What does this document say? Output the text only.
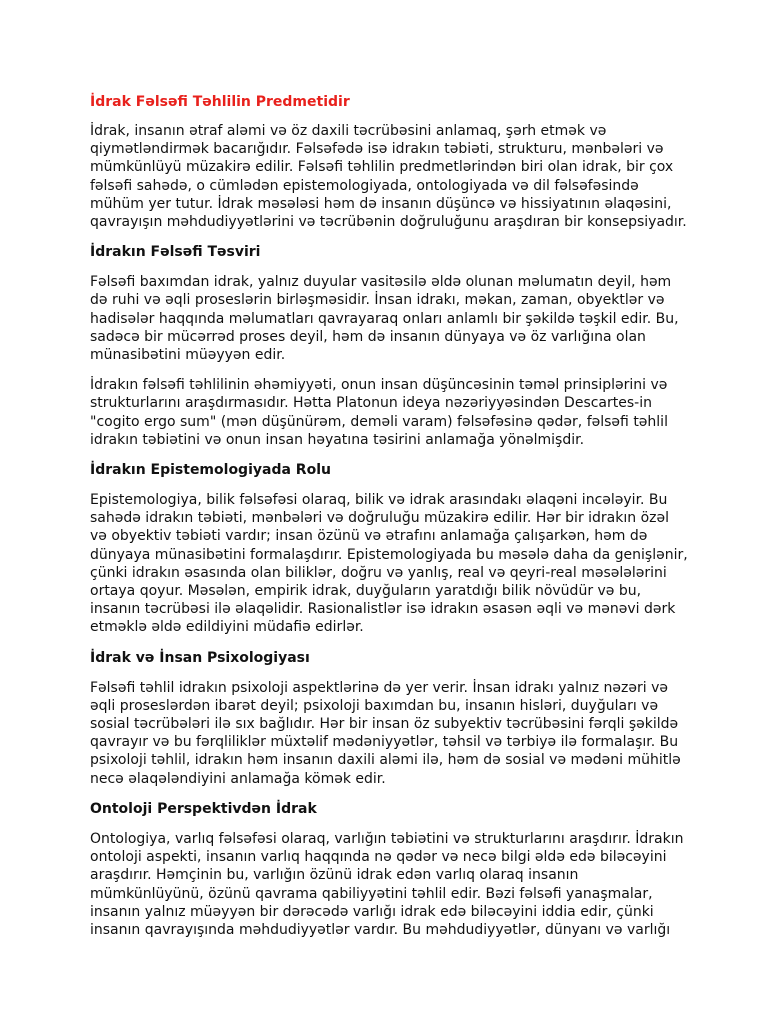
İdrak Fəlsəfi Təhlilin Predmetidir

İdrak, insanın ətraf aləmi və öz daxili təcrübəsini anlamaq, şərh etmək və qiymətləndirmək bacarığıdır. Fəlsəfədə isə idrakın təbiəti, strukturu, mənbələri və mümkünlüyü müzakirə edilir. Fəlsəfi təhlilin predmetlərindən biri olan idrak, bir çox fəlsəfi sahədə, o cümlədən epistemologiyada, ontologiyada və dil fəlsəfəsində mühüm yer tutur. İdrak məsələsi həm də insanın düşüncə və hissiyatının əlaqəsini, qavrayışın məhdudiyyətlərini və təcrübənin doğruluğunu araşdıran bir konsepsiyadır.

İdrakın Fəlsəfi Təsviri

Fəlsəfi baxımdan idrak, yalnız duyular vasitəsilə əldə olunan məlumatın deyil, həm də ruhi və əqli proseslərin birləşməsidir. İnsan idrakı, məkan, zaman, obyektlər və hadisələr haqqında məlumatları qavrayaraq onları anlamlı bir şəkildə təşkil edir. Bu, sadəcə bir mücərrəd proses deyil, həm də insanın dünyaya və öz varlığına olan münasibətini müəyyən edir.

İdrakın fəlsəfi təhlilinin əhəmiyyəti, onun insan düşüncəsinin təməl prinsiplərini və strukturlarını araşdırmasıdır. Hətta Platonun ideya nəzəriyyəsindən Descartes-in "cogito ergo sum" (mən düşünürəm, deməli varam) fəlsəfəsinə qədər, fəlsəfi təhlil idrakın təbiətini və onun insan həyatına təsirini anlamağa yönəlmişdir.

İdrakın Epistemologiyada Rolu

Epistemologiya, bilik fəlsəfəsi olaraq, bilik və idrak arasındakı əlaqəni incələyir. Bu sahədə idrakın təbiəti, mənbələri və doğruluğu müzakirə edilir. Hər bir idrakın özəl və obyektiv təbiəti vardır; insan özünü və ətrafını anlamağa çalışarkən, həm də dünyaya münasibətini formalaşdırır. Epistemologiyada bu məsələ daha da genişlənir, çünki idrakın əsasında olan biliklər, doğru və yanlış, real və qeyri-real məsələlərini ortaya qoyur. Məsələn, empirik idrak, duyğuların yaratdığı bilik növüdür və bu, insanın təcrübəsi ilə əlaqəlidir. Rasionalistlər isə idrakın əsasən əqli və mənəvi dərk etməklə əldə edildiyini müdafiə edirlər.

İdrak və İnsan Psixologiyası

Fəlsəfi təhlil idrakın psixoloji aspektlərinə də yer verir. İnsan idrakı yalnız nəzəri və əqli proseslərdən ibarət deyil; psixoloji baxımdan bu, insanın hisləri, duyğuları və sosial təcrübələri ilə sıx bağlıdır. Hər bir insan öz subyektiv təcrübəsini fərqli şəkildə qavrayır və bu fərqliliklər müxtəlif mədəniyyətlər, təhsil və tərbiyə ilə formalaşır. Bu psixoloji təhlil, idrakın həm insanın daxili aləmi ilə, həm də sosial və mədəni mühitlə necə əlaqələndiyini anlamağa kömək edir.

Ontoloji Perspektivdən İdrak

Ontologiya, varlıq fəlsəfəsi olaraq, varlığın təbiətini və strukturlarını araşdırır. İdrakın ontoloji aspekti, insanın varlıq haqqında nə qədər və necə bilgi əldə edə biləcəyini araşdırır. Həmçinin bu, varlığın özünü idrak edən varlıq olaraq insanın mümkünlüyünü, özünü qavrama qabiliyyətini təhlil edir. Bəzi fəlsəfi yanaşmalar, insanın yalnız müəyyən bir dərəcədə varlığı idrak edə biləcəyini iddia edir, çünki insanın qavrayışında məhdudiyyətlər vardır. Bu məhdudiyyətlər, dünyanı və varlığı
